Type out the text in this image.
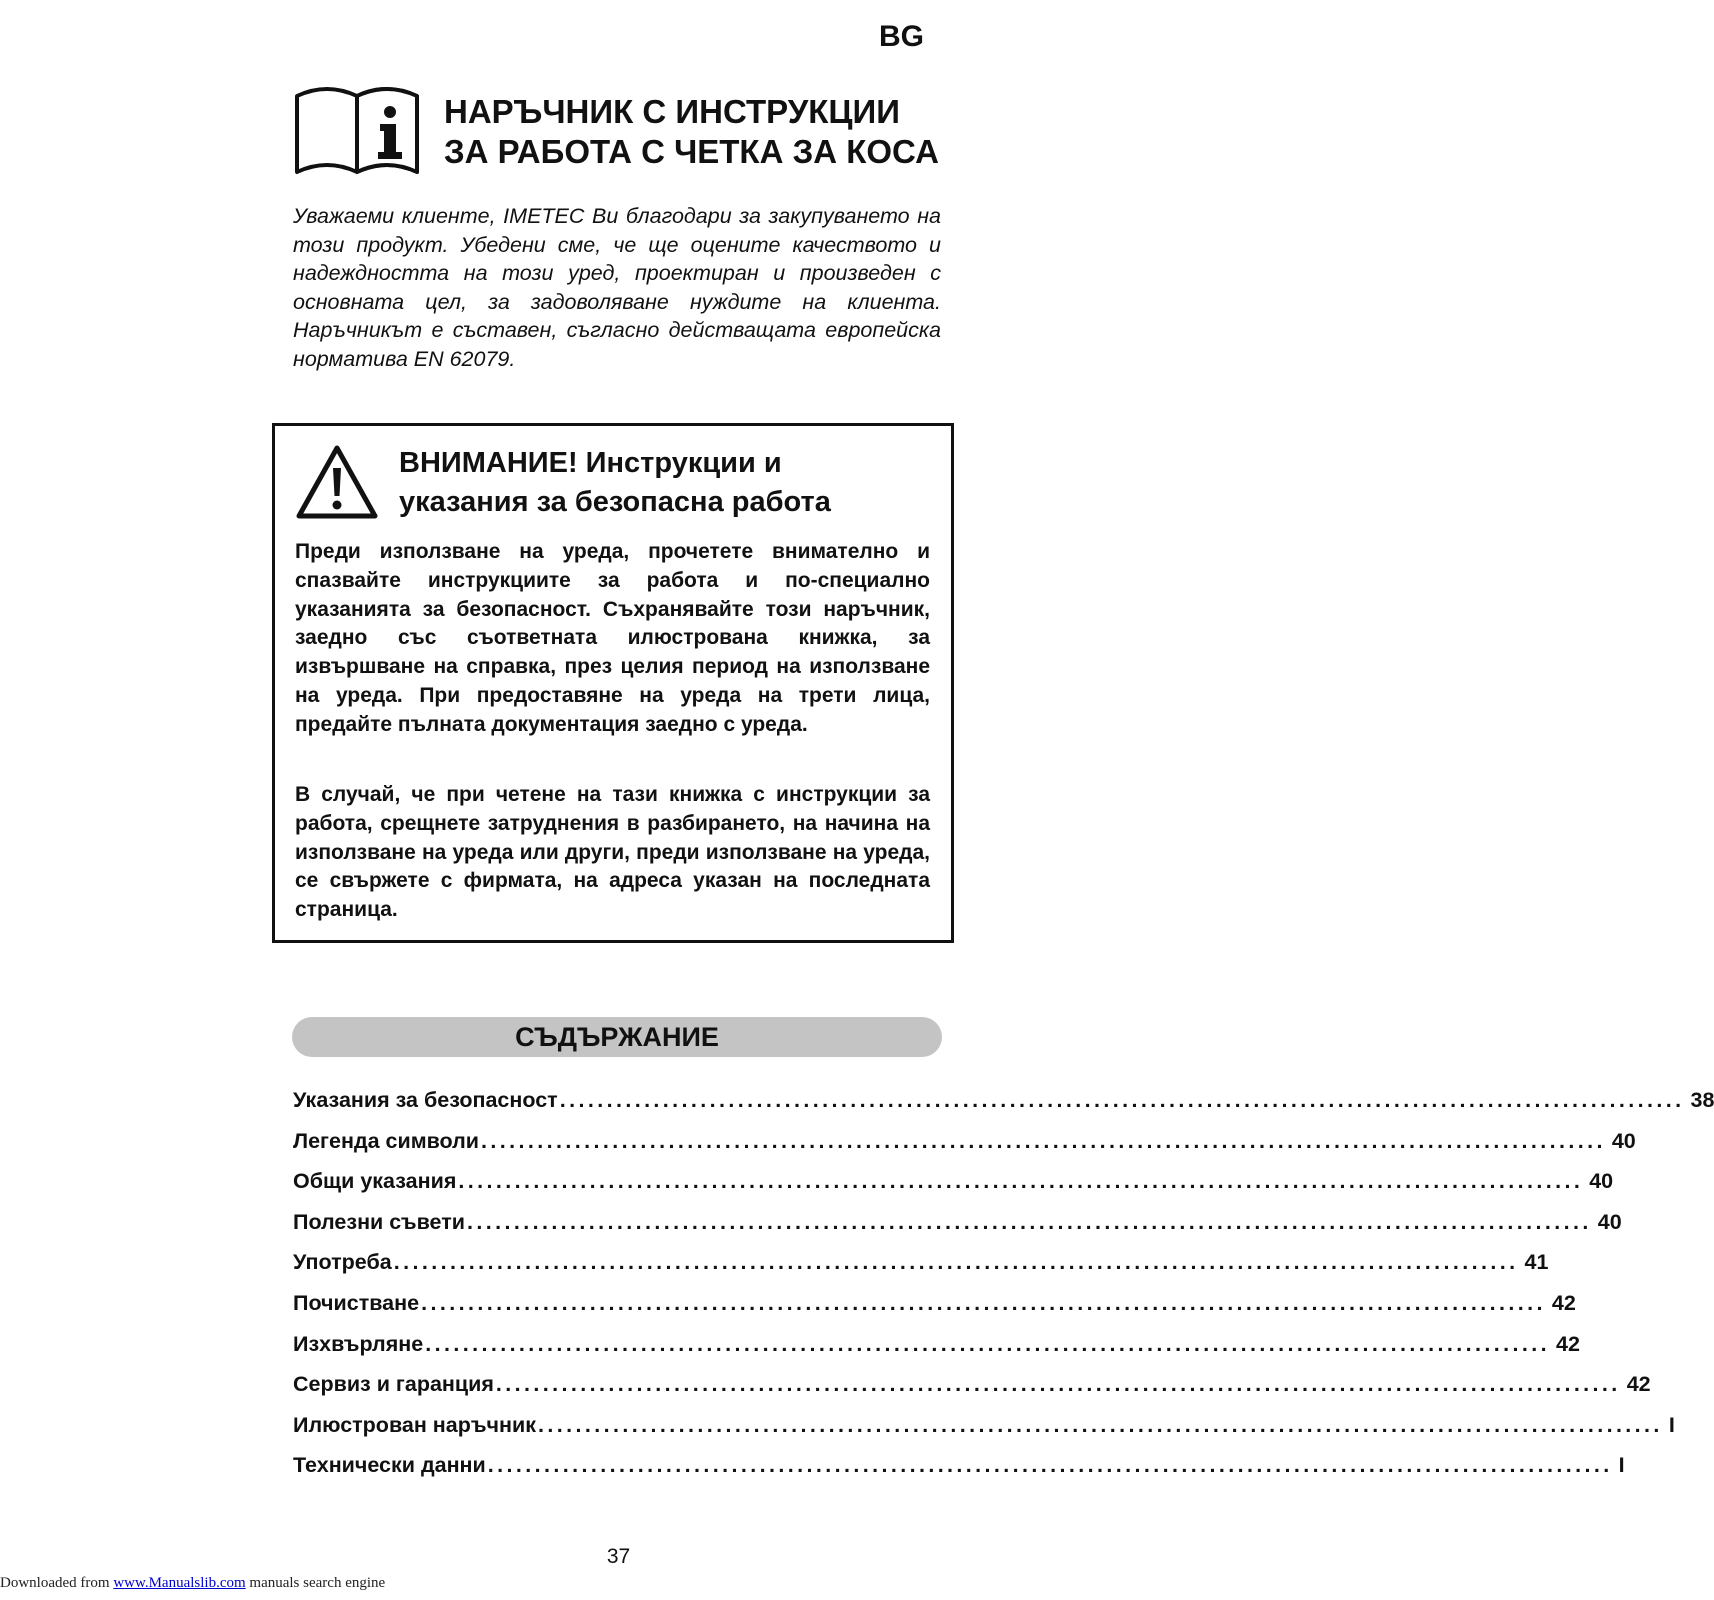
BG
НАРЪЧНИК С ИНСТРУКЦИИ
ЗА РАБОТА С ЧЕТКА ЗА КОСА
Уважаеми клиенте, IMETEC Ви благодари за закупуването на този продукт. Убедени сме, че ще оцените качеството и надеждността на този уред, проектиран и произведен с основната цел, за задоволяване нуждите на клиента. Наръчникът е съставен, съгласно действащата европейска норматива EN 62079.
ВНИМАНИЕ! Инструкции и
указания за безопасна работа
Преди използване на уреда, прочетете внимателно и спазвайте инструкциите за работа и по-специално указанията за безопасност. Съхранявайте този наръчник, заедно със съответната илюстрована книжка, за извършване на справка, през целия период на използване на уреда. При предоставяне на уреда на трети лица, предайте пълната документация заедно с уреда.
В случай, че при четене на тази книжка с инструкции за работа, срещнете затруднения в разбирането, на начина на използване на уреда или други, преди използване на уреда, се свържете с фирмата, на адреса указан на последната страница.
СЪДЪРЖАНИЕ
Указания за безопасност ........................................................................................................................ 38
Легенда символи ........................................................................................................................ 40
Общи указания ........................................................................................................................ 40
Полезни съвети ........................................................................................................................ 40
Употреба ........................................................................................................................ 41
Почистване ........................................................................................................................ 42
Изхвърляне ........................................................................................................................ 42
Сервиз и гаранция ........................................................................................................................ 42
Илюстрован наръчник ........................................................................................................................ I
Технически данни ........................................................................................................................ I
37
Downloaded from www.Manualslib.com manuals search engine
